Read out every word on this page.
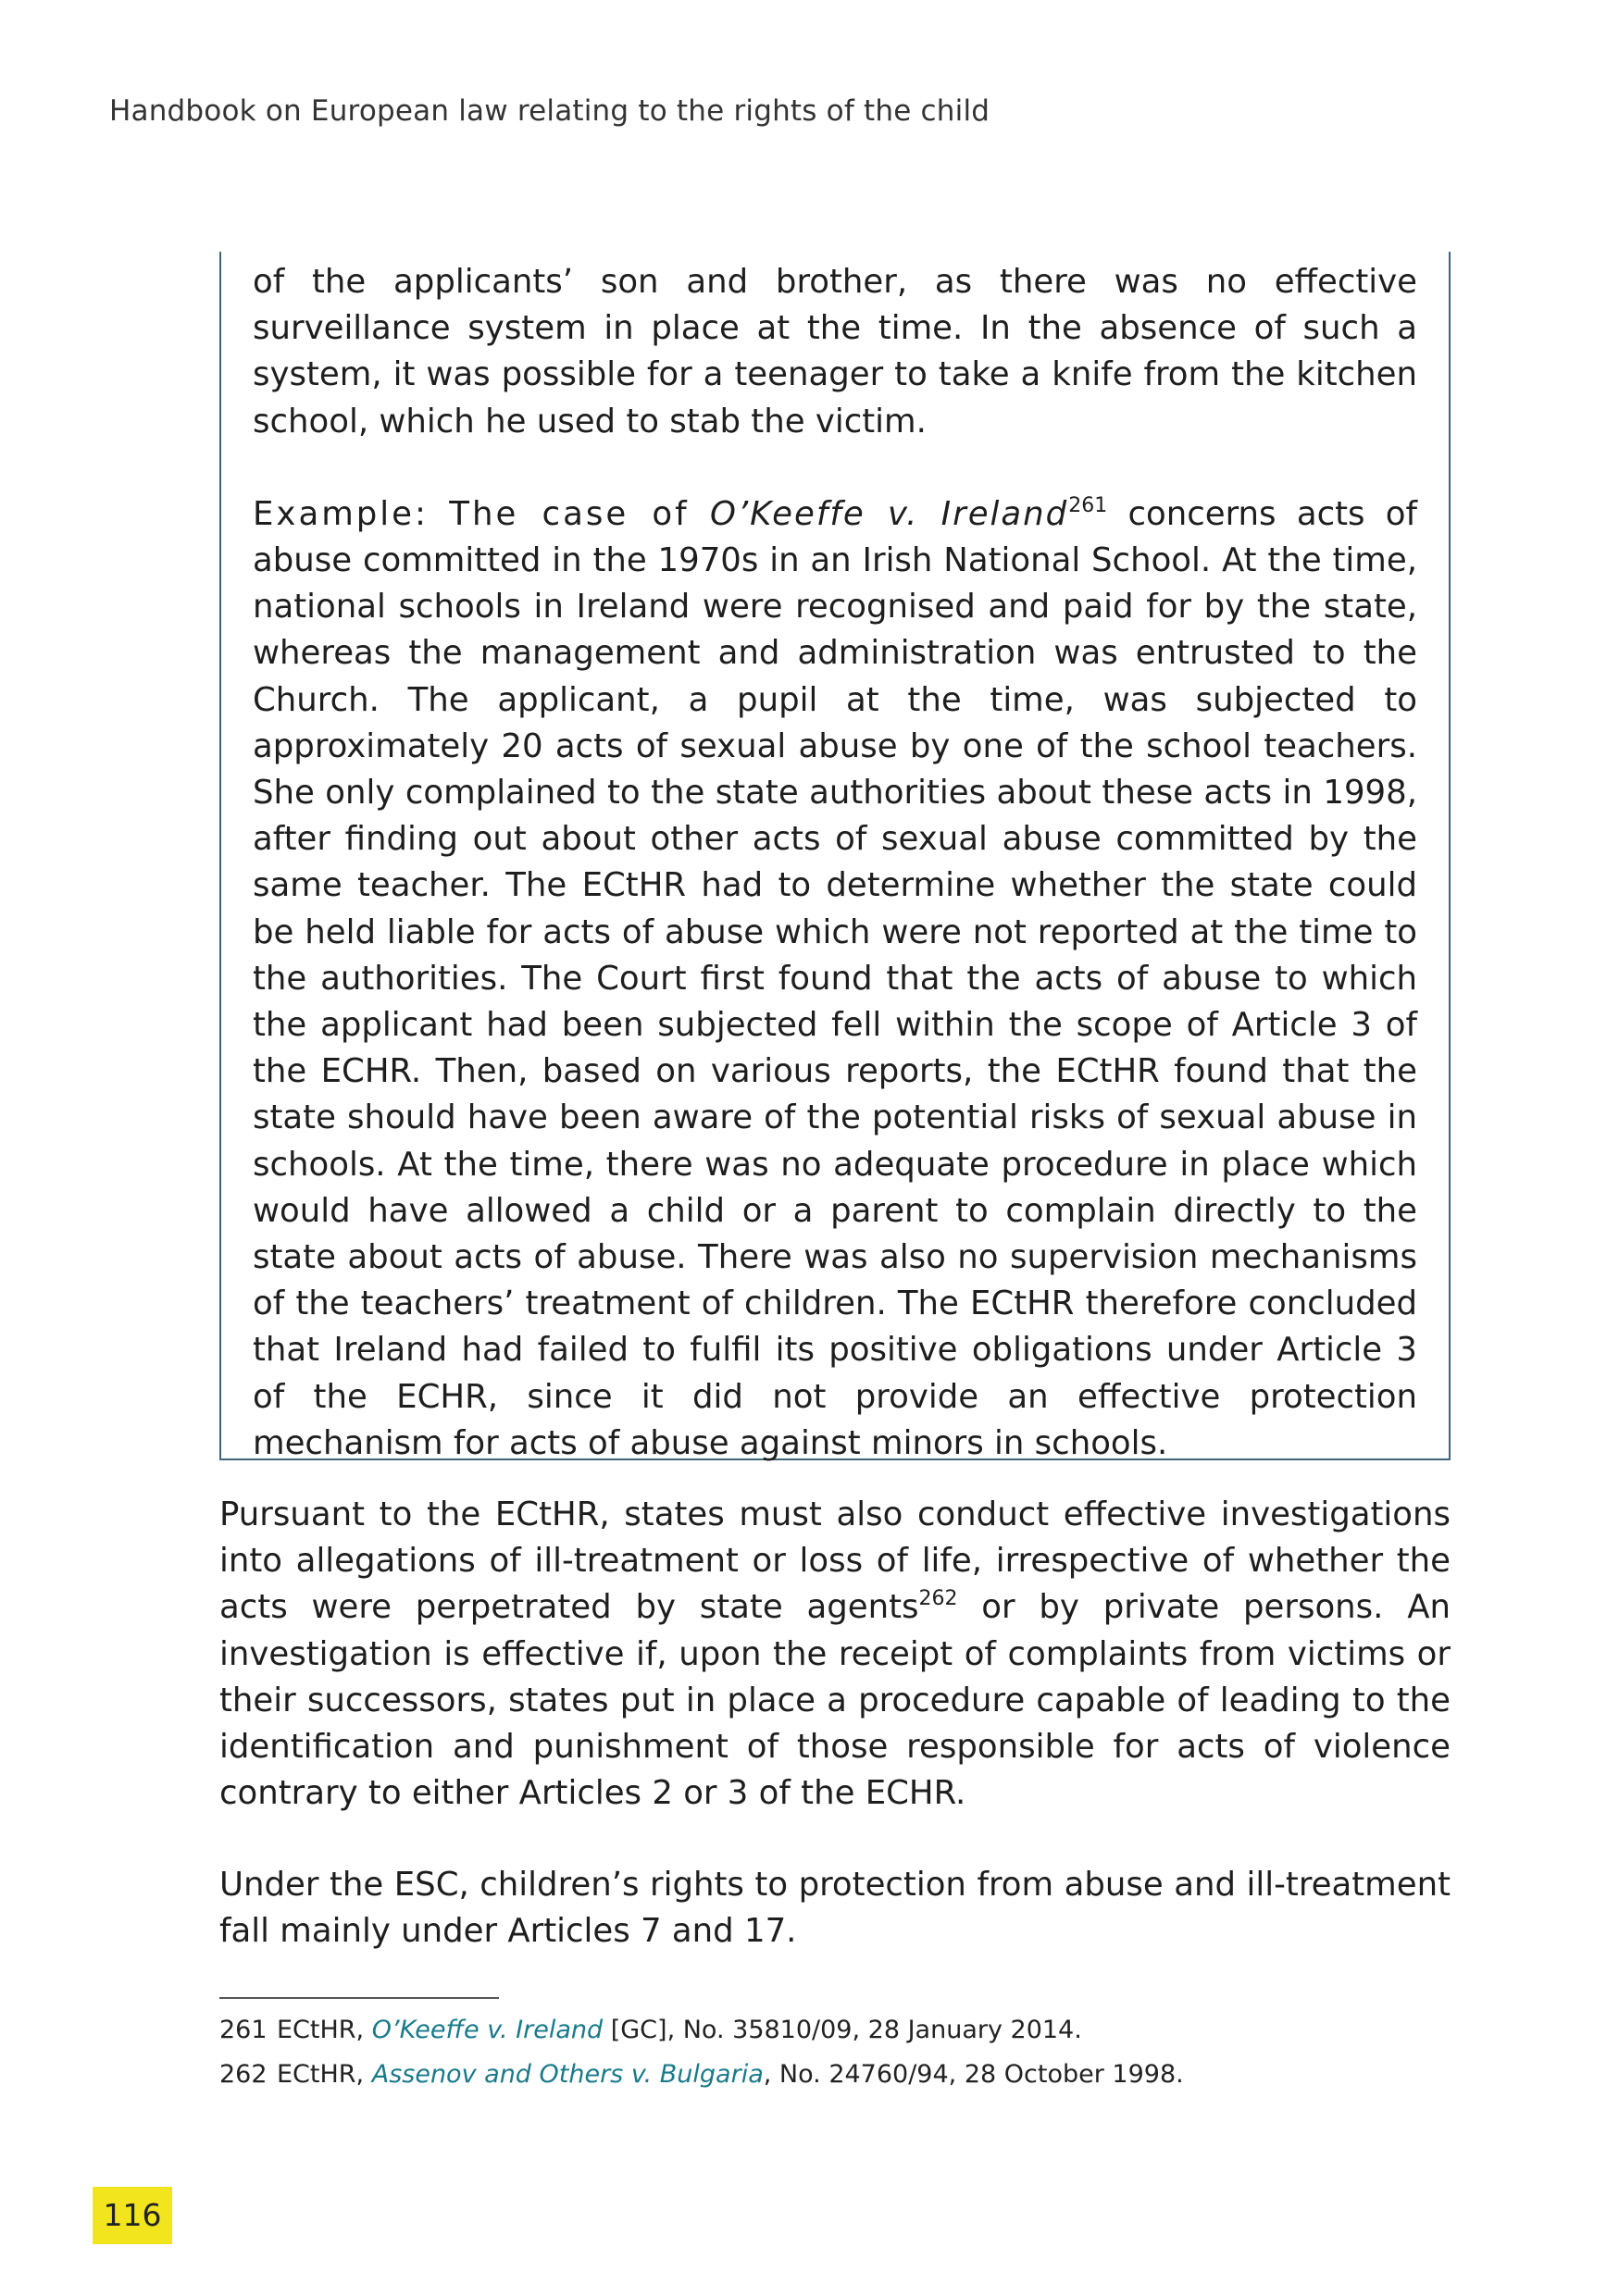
Handbook on European law relating to the rights of the child

of the applicants’ son and brother, as there was no effective surveillance system in place at the time. In the absence of such a system, it was possible for a teenager to take a knife from the kitchen school, which he used to stab the victim.

Example: The case of O’Keeffe v. Ireland$^{261}$ concerns acts of abuse committed in the 1970s in an Irish National School. At the time, national schools in Ireland were recognised and paid for by the state, whereas the management and administration was entrusted to the Church. The applicant, a pupil at the time, was subjected to approximately 20 acts of sexual abuse by one of the school teachers. She only complained to the state authorities about these acts in 1998, after finding out about other acts of sexual abuse committed by the same teacher. The ECtHR had to determine whether the state could be held liable for acts of abuse which were not reported at the time to the authorities. The Court first found that the acts of abuse to which the applicant had been subjected fell within the scope of Article 3 of the ECHR. Then, based on various reports, the ECtHR found that the state should have been aware of the potential risks of sexual abuse in schools. At the time, there was no adequate procedure in place which would have allowed a child or a parent to complain directly to the state about acts of abuse. There was also no supervision mechanisms of the teachers’ treatment of children. The ECtHR therefore concluded that Ireland had failed to fulfil its positive obligations under Article 3 of the ECHR, since it did not provide an effective protection mechanism for acts of abuse against minors in schools.

Pursuant to the ECtHR, states must also conduct effective investigations into allegations of ill-treatment or loss of life, irrespective of whether the acts were perpetrated by state agents$^{262}$ or by private persons. An investigation is effective if, upon the receipt of complaints from victims or their successors, states put in place a procedure capable of leading to the identification and punishment of those responsible for acts of violence contrary to either Articles 2 or 3 of the ECHR.

Under the ESC, children’s rights to protection from abuse and ill-treatment fall mainly under Articles 7 and 17.

261 ECtHR, O’Keeffe v. Ireland [GC], No. 35810/09, 28 January 2014.
262 ECtHR, Assenov and Others v. Bulgaria, No. 24760/94, 28 October 1998.
116
